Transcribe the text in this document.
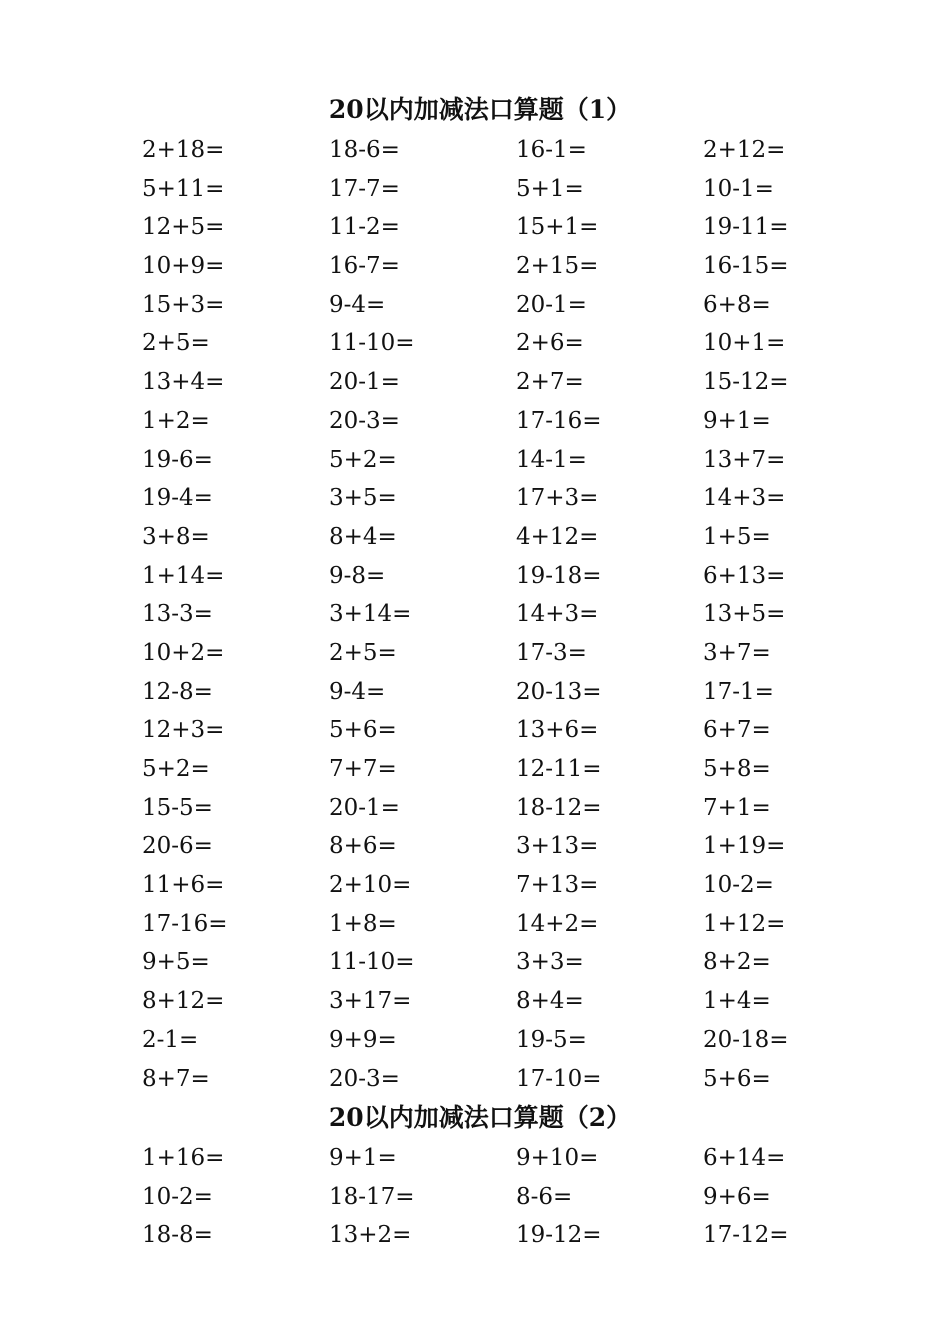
20以内加减法口算题（1）
2+18=	18-6=	16-1=	2+12=
5+11=	17-7=	5+1=	10-1=
12+5=	11-2=	15+1=	19-11=
10+9=	16-7=	2+15=	16-15=
15+3=	9-4=	20-1=	6+8=
2+5=	11-10=	2+6=	10+1=
13+4=	20-1=	2+7=	15-12=
1+2=	20-3=	17-16=	9+1=
19-6=	5+2=	14-1=	13+7=
19-4=	3+5=	17+3=	14+3=
3+8=	8+4=	4+12=	1+5=
1+14=	9-8=	19-18=	6+13=
13-3=	3+14=	14+3=	13+5=
10+2=	2+5=	17-3=	3+7=
12-8=	9-4=	20-13=	17-1=
12+3=	5+6=	13+6=	6+7=
5+2=	7+7=	12-11=	5+8=
15-5=	20-1=	18-12=	7+1=
20-6=	8+6=	3+13=	1+19=
11+6=	2+10=	7+13=	10-2=
17-16=	1+8=	14+2=	1+12=
9+5=	11-10=	3+3=	8+2=
8+12=	3+17=	8+4=	1+4=
2-1=	9+9=	19-5=	20-18=
8+7=	20-3=	17-10=	5+6=
20以内加减法口算题（2）
1+16=	9+1=	9+10=	6+14=
10-2=	18-17=	8-6=	9+6=
18-8=	13+2=	19-12=	17-12=
